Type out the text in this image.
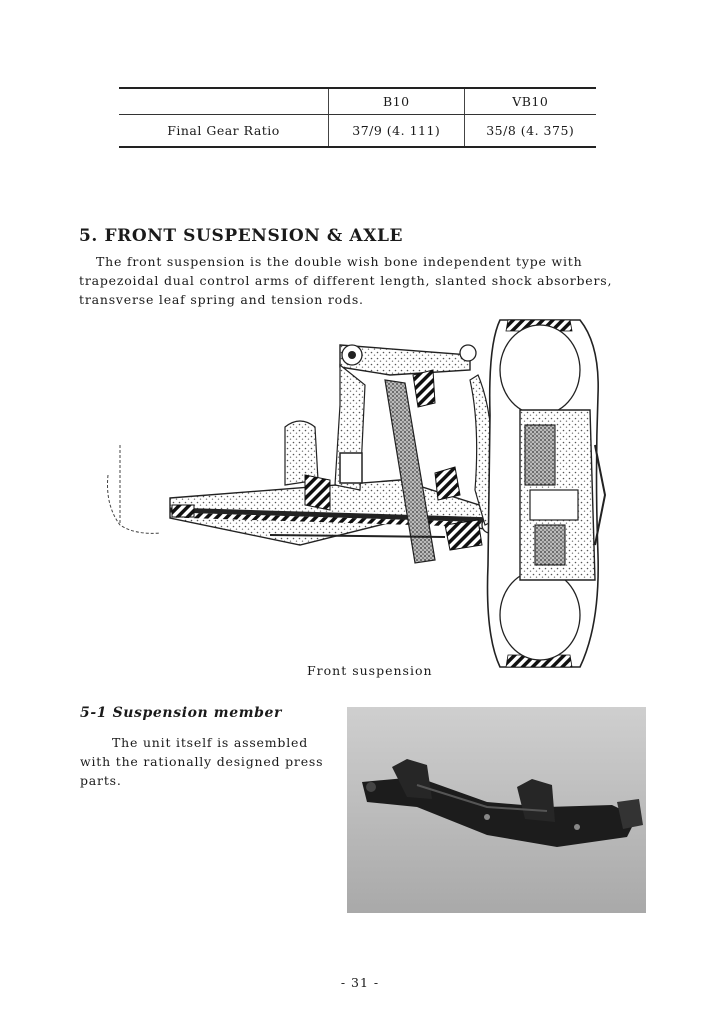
	B10	VB10
Final Gear Ratio	37/9 (4. 111)	35/8 (4. 375)
5. FRONT SUSPENSION & AXLE

The front suspension is the double wish bone independent type with trapezoidal dual control arms of different length, slanted shock absorbers, transverse leaf spring and tension rods.

Front suspension

5-1 Suspension member

The unit itself is assembled with the rationally designed press parts.

- 31 -
